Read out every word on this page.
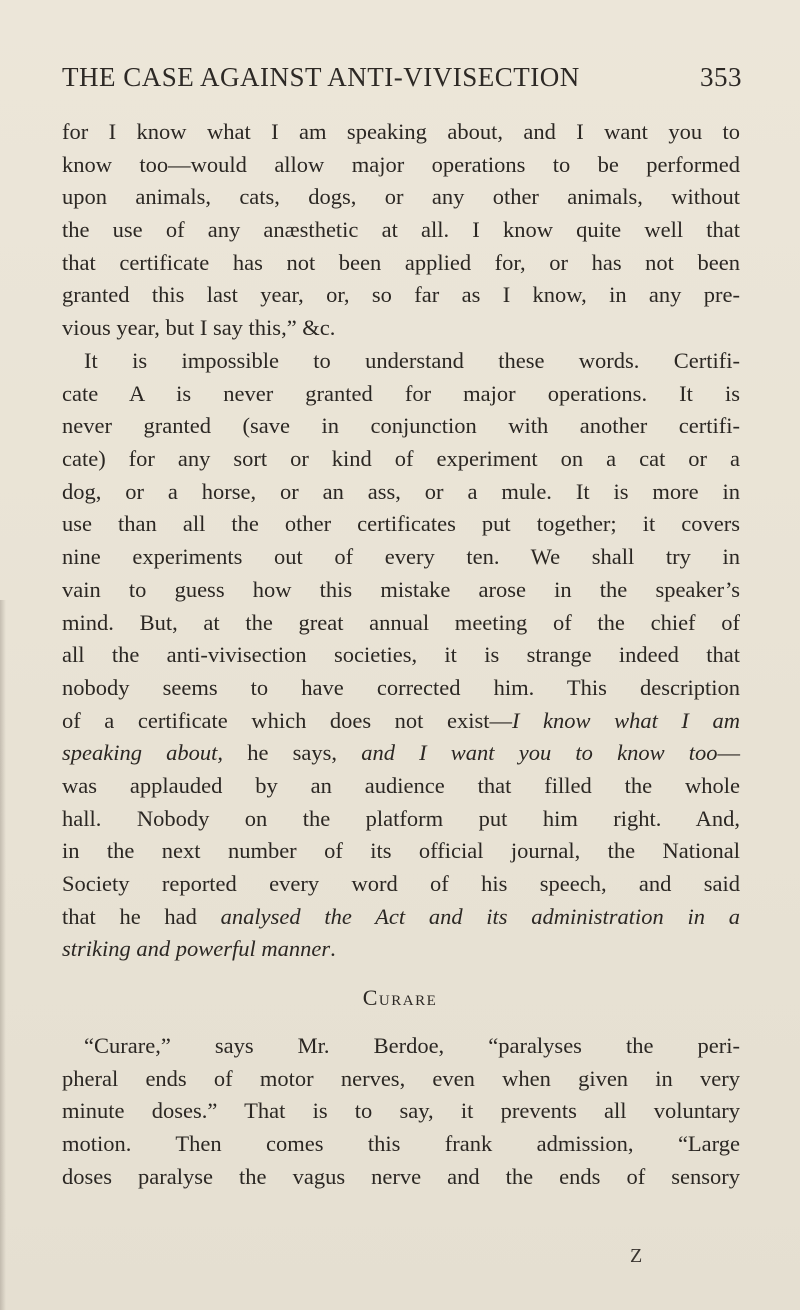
THE CASE AGAINST ANTI-VIVISECTION	353
for I know what I am speaking about, and I want you to
know too—would allow major operations to be performed
upon animals, cats, dogs, or any other animals, without
the use of any anæsthetic at all. I know quite well that
that certificate has not been applied for, or has not been
granted this last year, or, so far as I know, in any pre-
vious year, but I say this,” &c.
It is impossible to understand these words. Certifi-
cate A is never granted for major operations. It is
never granted (save in conjunction with another certifi-
cate) for any sort or kind of experiment on a cat or a
dog, or a horse, or an ass, or a mule. It is more in
use than all the other certificates put together; it covers
nine experiments out of every ten. We shall try in
vain to guess how this mistake arose in the speaker’s
mind. But, at the great annual meeting of the chief of
all the anti-vivisection societies, it is strange indeed that
nobody seems to have corrected him. This description
of a certificate which does not exist—I know what I am
speaking about, he says, and I want you to know too—
was applauded by an audience that filled the whole
hall. Nobody on the platform put him right. And,
in the next number of its official journal, the National
Society reported every word of his speech, and said
that he had analysed the Act and its administration in a
striking and powerful manner.
Curare
“Curare,” says Mr. Berdoe, “paralyses the peri-
pheral ends of motor nerves, even when given in very
minute doses.” That is to say, it prevents all voluntary
motion. Then comes this frank admission, “Large
doses paralyse the vagus nerve and the ends of sensory
Z
